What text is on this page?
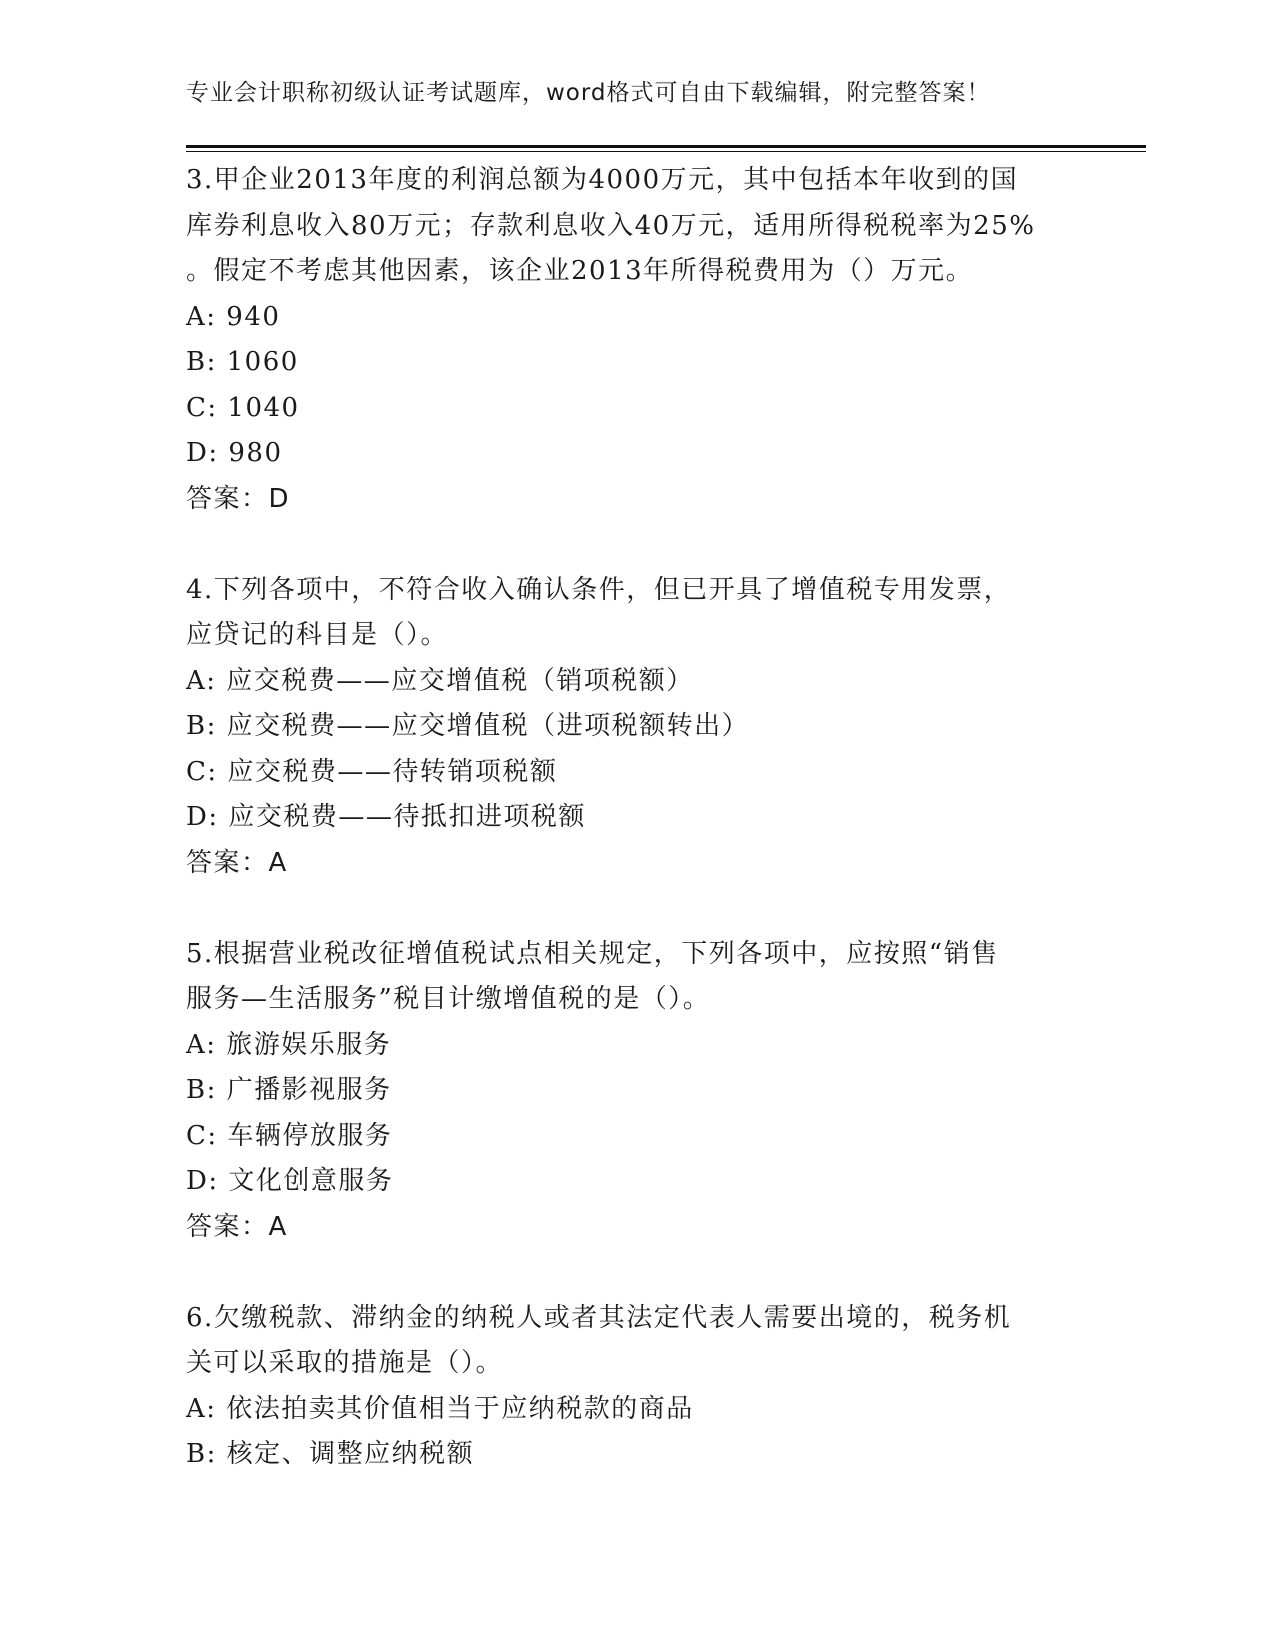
专业会计职称初级认证考试题库，word格式可自由下载编辑，附完整答案！
3.甲企业2013年度的利润总额为4000万元，其中包括本年收到的国
库券利息收入80万元；存款利息收入40万元，适用所得税税率为25%
。假定不考虑其他因素，该企业2013年所得税费用为（）万元。
A: 940
B: 1060
C: 1040
D: 980
答案：D
4.下列各项中，不符合收入确认条件，但已开具了增值税专用发票，
应贷记的科目是（）。
A: 应交税费——应交增值税（销项税额）
B: 应交税费——应交增值税（进项税额转出）
C: 应交税费——待转销项税额
D: 应交税费——待抵扣进项税额
答案：A
5.根据营业税改征增值税试点相关规定，下列各项中，应按照“销售
服务—生活服务”税目计缴增值税的是（）。
A: 旅游娱乐服务
B: 广播影视服务
C: 车辆停放服务
D: 文化创意服务
答案：A
6.欠缴税款、滞纳金的纳税人或者其法定代表人需要出境的，税务机
关可以采取的措施是（）。
A: 依法拍卖其价值相当于应纳税款的商品
B: 核定、调整应纳税额
